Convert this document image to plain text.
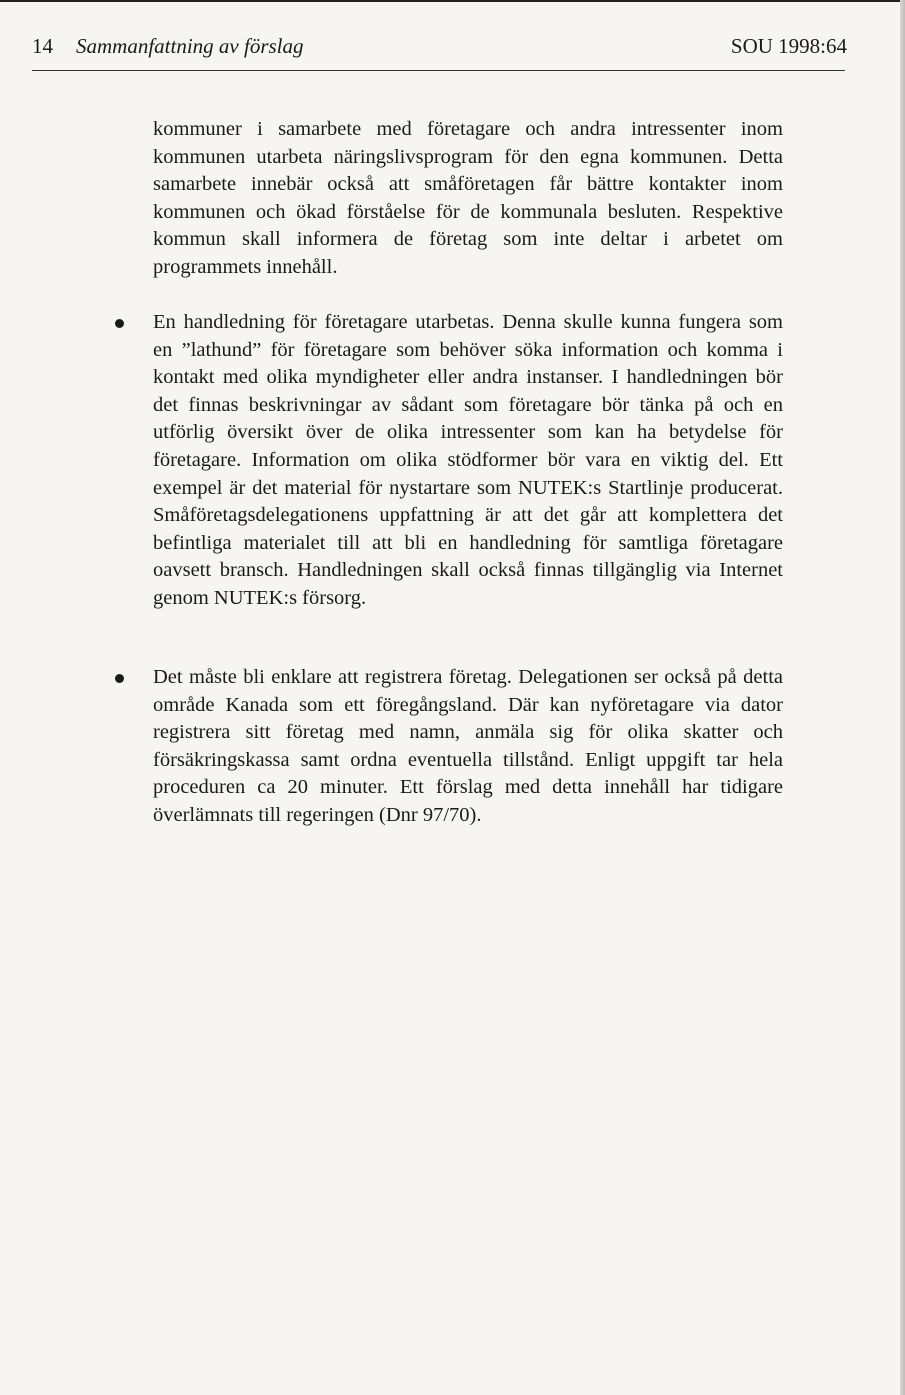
14 Sammanfattning av förslag	SOU 1998:64

kommuner i samarbete med företagare och andra intressenter inom kommunen utarbeta näringslivsprogram för den egna kommunen. Detta samarbete innebär också att småföretagen får bättre kontakter inom kommunen och ökad förståelse för de kommunala besluten. Respektive kommun skall informera de företag som inte deltar i arbetet om programmets innehåll.

En handledning för företagare utarbetas. Denna skulle kunna fungera som en ”lathund” för företagare som behöver söka information och komma i kontakt med olika myndigheter eller andra instanser. I handledningen bör det finnas beskrivningar av sådant som företagare bör tänka på och en utförlig översikt över de olika intressenter som kan ha betydelse för företagare. Information om olika stödformer bör vara en viktig del. Ett exempel är det material för nystartare som NUTEK:s Startlinje producerat. Småföretagsdelegationens uppfattning är att det går att komplettera det befintliga materialet till att bli en handledning för samtliga företagare oavsett bransch. Handledningen skall också finnas tillgänglig via Internet genom NUTEK:s försorg.

Det måste bli enklare att registrera företag. Delegationen ser också på detta område Kanada som ett föregångsland. Där kan nyföretagare via dator registrera sitt företag med namn, anmäla sig för olika skatter och försäkringskassa samt ordna eventuella tillstånd. Enligt uppgift tar hela proceduren ca 20 minuter. Ett förslag med detta innehåll har tidigare överlämnats till regeringen (Dnr 97/70).
